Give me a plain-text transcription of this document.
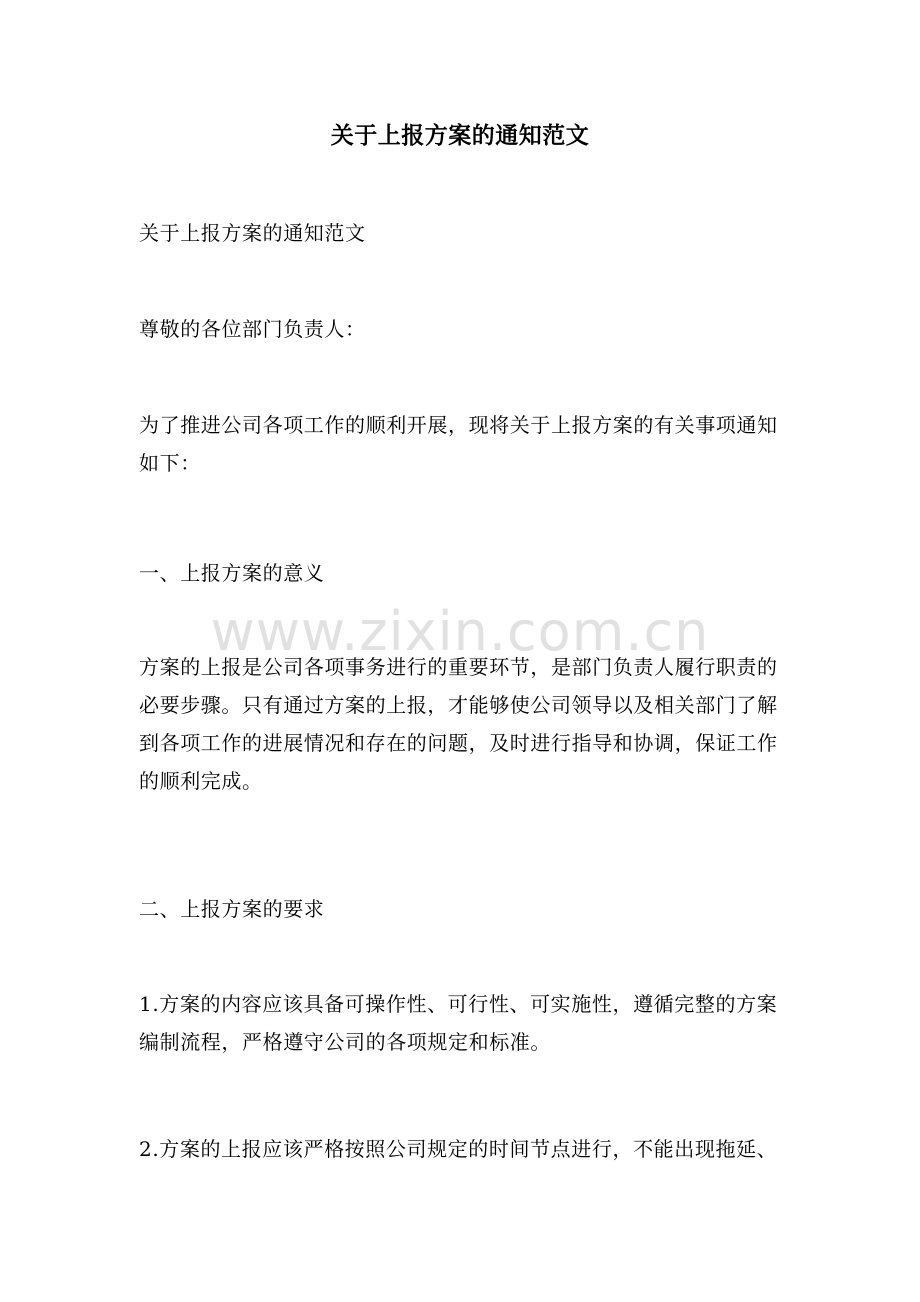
关于上报方案的通知范文

关于上报方案的通知范文

尊敬的各位部门负责人：

为了推进公司各项工作的顺利开展，现将关于上报方案的有关事项通知如下：

一、上报方案的意义

方案的上报是公司各项事务进行的重要环节，是部门负责人履行职责的必要步骤。只有通过方案的上报，才能够使公司领导以及相关部门了解到各项工作的进展情况和存在的问题，及时进行指导和协调，保证工作的顺利完成。

二、上报方案的要求

1.方案的内容应该具备可操作性、可行性、可实施性，遵循完整的方案编制流程，严格遵守公司的各项规定和标准。

2.方案的上报应该严格按照公司规定的时间节点进行，不能出现拖延、

www.zixin.com.cn
